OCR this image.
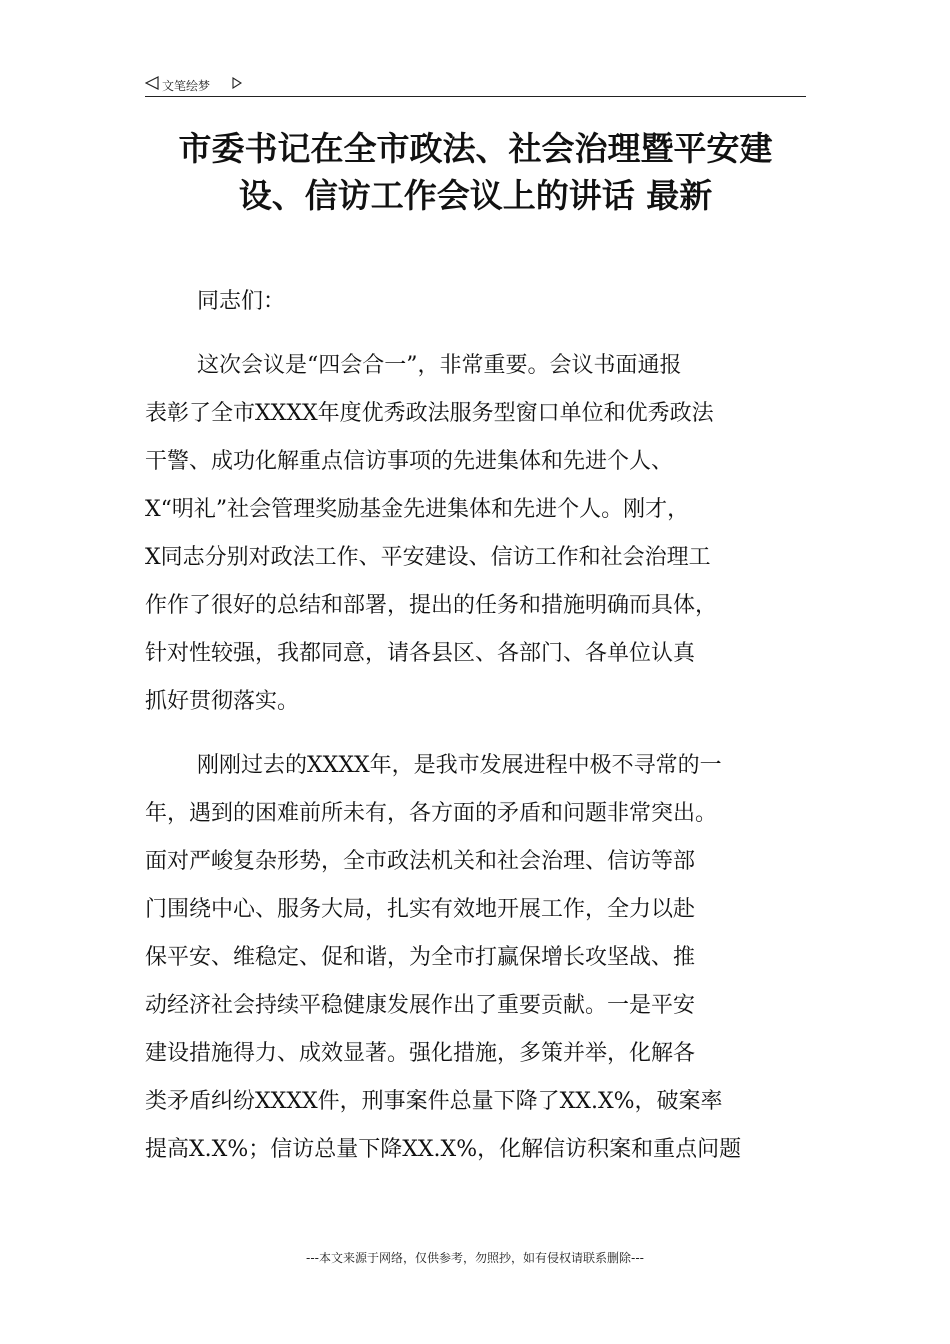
文笔绘梦
市委书记在全市政法、社会治理暨平安建
设、信访工作会议上的讲话 最新

同志们：

这次会议是“四会合一”，非常重要。会议书面通报
表彰了全市XXXX年度优秀政法服务型窗口单位和优秀政法
干警、成功化解重点信访事项的先进集体和先进个人、
X“明礼”社会管理奖励基金先进集体和先进个人。刚才，
X同志分别对政法工作、平安建设、信访工作和社会治理工
作作了很好的总结和部署，提出的任务和措施明确而具体，
针对性较强，我都同意，请各县区、各部门、各单位认真
抓好贯彻落实。

刚刚过去的XXXX年，是我市发展进程中极不寻常的一
年，遇到的困难前所未有，各方面的矛盾和问题非常突出。
面对严峻复杂形势，全市政法机关和社会治理、信访等部
门围绕中心、服务大局，扎实有效地开展工作，全力以赴
保平安、维稳定、促和谐，为全市打赢保增长攻坚战、推
动经济社会持续平稳健康发展作出了重要贡献。一是平安
建设措施得力、成效显著。强化措施，多策并举，化解各
类矛盾纠纷XXXX件，刑事案件总量下降了XX.X%，破案率
提高X.X%；信访总量下降XX.X%，化解信访积案和重点问题

---本文来源于网络，仅供参考，勿照抄，如有侵权请联系删除---
